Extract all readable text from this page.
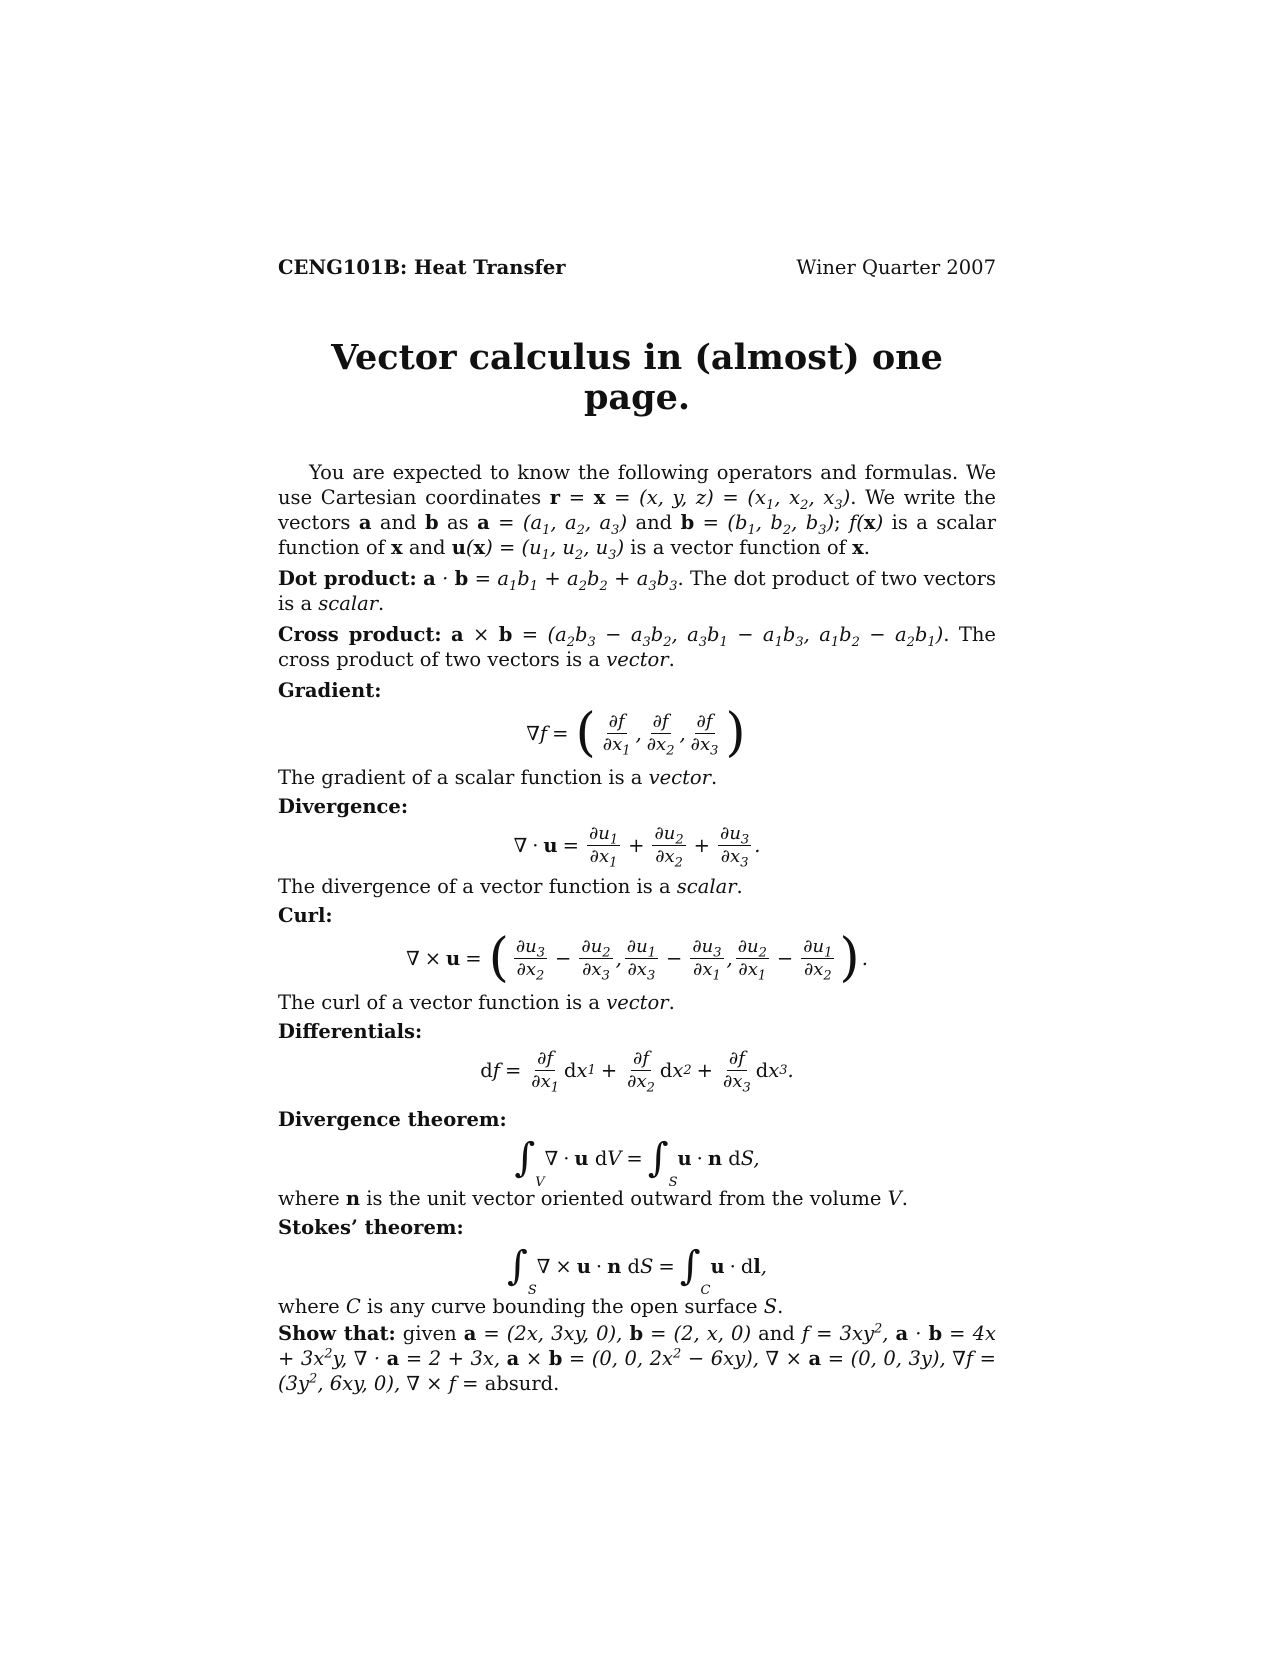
CENG101B: Heat Transfer	Winer Quarter 2007
Vector calculus in (almost) one page.

You are expected to know the following operators and formulas. We use Cartesian coordinates r = x = (x, y, $z) = (x_1$, $x_2$, $x_3$). We write the vectors a and b as $a = (a_1$, $a_2$, $a_3$) and $b = (b_1$, $b_2$, $b_3$); f(x) is a scalar function of x and $u(x) = (u_1$, $u_2$, $u_3$) is a vector function of x.

Dot product: $a \cdot b = a_1b_1 + a_2b_2 + a_3b_3$. The dot product of two vectors is a scalar.

Cross product: $a \times b = (a_2b_3 - a_3b_2$, $a_3b_1 - a_1b_3$, $a_1b_2 - a_2b_1$). The cross product of two vectors is a vector.

Gradient:

∇ f = ( $\frac{\partial f}{\partial x_1}$ , $\frac{\partial f}{\partial x_2}$ , $\frac{\partial f}{\partial x_3}$ )

The gradient of a scalar function is a vector.

Divergence:

∇ · $u = \frac{\partial u_1}{\partial x_1} + \frac{\partial u_2}{\partial x_2} + \frac{\partial u_3}{\partial x_3}$ .

The divergence of a vector function is a scalar.

Curl:

∇ × u = ( $\frac{\partial u_3}{\partial x_2} - \frac{\partial u_2}{\partial x_3}$ , $\frac{\partial u_1}{\partial x_3} - \frac{\partial u_3}{\partial x_1}$ , $\frac{\partial u_2}{\partial x_1} - \frac{\partial u_1}{\partial x_2}$ ) .

The curl of a vector function is a vector.

Differentials:

d $f = \frac{\partial f}{\partial x_1}$ d x $1 + \frac{\partial f}{\partial x_2}$ d x $2 + \frac{\partial f}{\partial x_3}$ d x 3 .

Divergence theorem:

$\int_V$
∇ · u
d $V = \int_S$
u · n
d S,

where n is the unit vector oriented outward from the volume V.

Stokes’ theorem:

$\int_S$
∇ × u · n
d $S = \int_C$
u · d l ,

where C is any curve bounding the open surface S.

Show that: given a = (2x, 3xy, 0), b = (2, x, 0) and $f = 3xy^2$, $a \cdot b = 4x + 3x^2y$, ∇ · a = 2 + 3x, a × b = (0, 0, $2x^2 - 6xy$), ∇ × a = (0, 0, 3y), $\nabla f = (3y^2$, 6xy, 0), ∇ × f = absurd.
